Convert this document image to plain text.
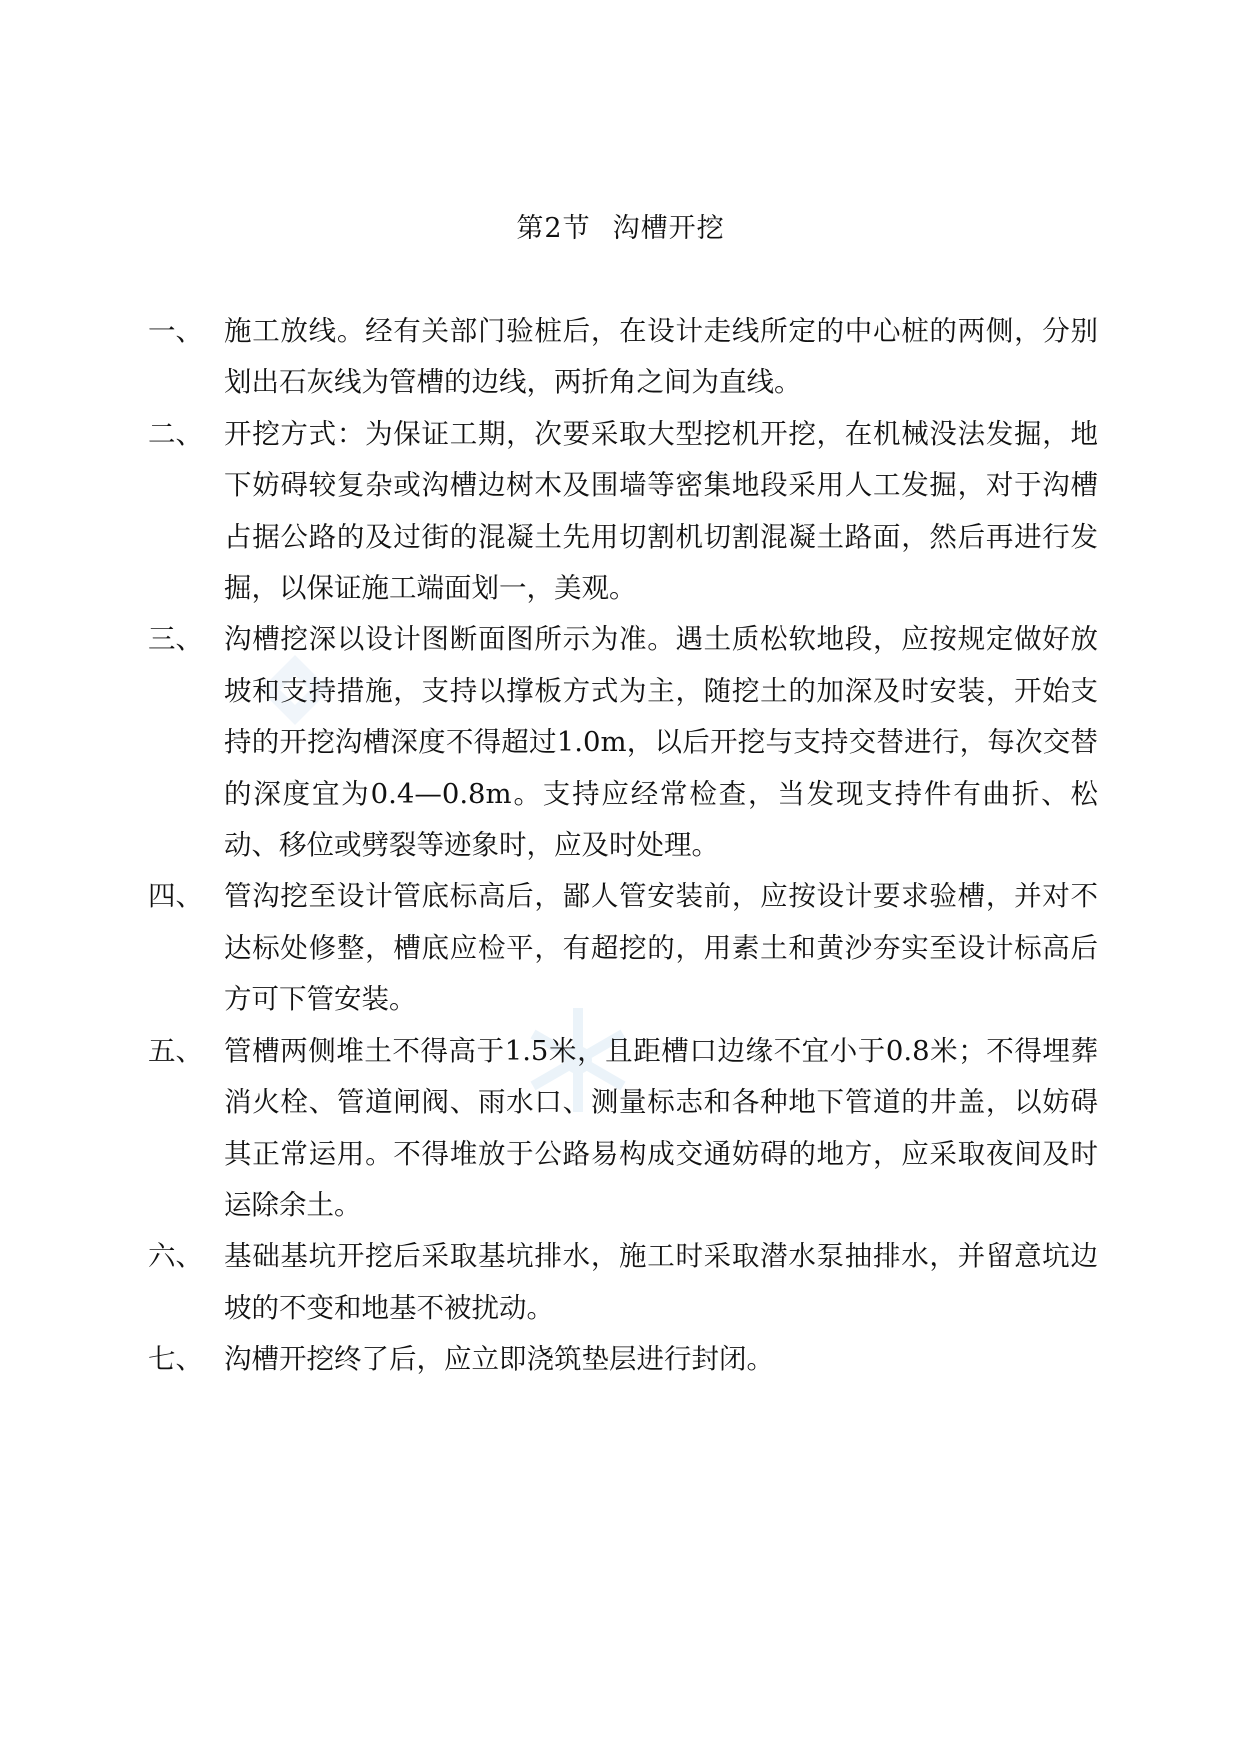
第2节 沟槽开挖
一、 施工放线。经有关部门验桩后，在设计走线所定的中心桩的两侧，分别划出石灰线为管槽的边线，两折角之间为直线。
二、 开挖方式：为保证工期，次要采取大型挖机开挖，在机械没法发掘，地下妨碍较复杂或沟槽边树木及围墙等密集地段采用人工发掘，对于沟槽占据公路的及过街的混凝土先用切割机切割混凝土路面，然后再进行发掘，以保证施工端面划一，美观。
三、 沟槽挖深以设计图断面图所示为准。遇土质松软地段，应按规定做好放坡和支持措施，支持以撑板方式为主，随挖土的加深及时安装，开始支持的开挖沟槽深度不得超过1.0m，以后开挖与支持交替进行，每次交替的深度宜为0.4—0.8m。支持应经常检查，当发现支持件有曲折、松动、移位或劈裂等迹象时，应及时处理。
四、 管沟挖至设计管底标高后，鄙人管安装前，应按设计要求验槽，并对不达标处修整，槽底应检平，有超挖的，用素土和黄沙夯实至设计标高后方可下管安装。
五、 管槽两侧堆土不得高于1.5米，且距槽口边缘不宜小于0.8米；不得埋葬消火栓、管道闸阀、雨水口、测量标志和各种地下管道的井盖，以妨碍其正常运用。不得堆放于公路易构成交通妨碍的地方，应采取夜间及时运除余土。
六、 基础基坑开挖后采取基坑排水，施工时采取潜水泵抽排水，并留意坑边坡的不变和地基不被扰动。
七、 沟槽开挖终了后，应立即浇筑垫层进行封闭。
